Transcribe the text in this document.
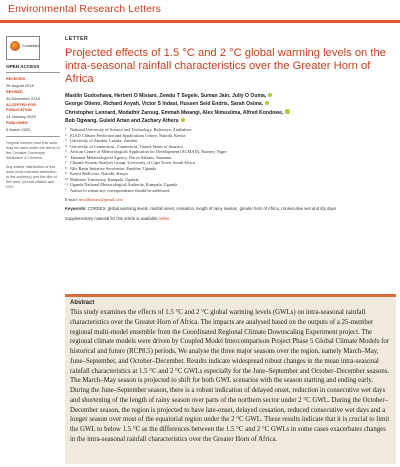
Environmental Research Letters
CrossMark
OPEN ACCESS
RECEIVED
26 August 2019
REVISED
30 December 2019
ACCEPTED FOR PUBLICATION
14 January 2020
PUBLISHED
5 March 2020
Original content from this work may be used under the terms of the Creative Commons Attribution 4.0 licence.
Any further distribution of this work must maintain attribution to the author(s) and the title of the work, journal citation and DOI.
LETTER
Projected effects of 1.5 °C and 2 °C global warming levels on the intra-seasonal rainfall characteristics over the Greater Horn of Africa
Masilin Gudoshava, Herbert O Misiani, Zewdu T Segele, Suman Jain, Jully O Ouma,
George Otieno, Richard Anyah, Victor S Indasi, Hussen Seid Endris, Sarah Osima,
Christopher Lennard, Modathir Zaroug, Emmah Mwangi, Alex Nimusiima, Alfred Kondowe,
Bob Ogwang, Guleid Artan and Zachary Atheru
1 National University of Science and Technology, Bulawayo, Zimbabwe
2 IGAD Climate Prediction and Applications Centre, Nairobi, Kenya
3 University of Zambia, Lusaka, Zambia
4 University of Connecticut, Connecticut, United States of America
5 African Centre of Meteorological Application for Development (ACMAD), Niamey, Niger
6 Tanzania Meteorological Agency, Dar es Salaam, Tanzania
7 Climate System Analysis Group, University of Cape Town, South Africa
8 Nile Basin Initiative Secretariat, Entebbe, Uganda
9 Kenya RedCross, Nairobi, Kenya
10 Makerere University, Kampala, Uganda
11 Uganda National Meteorological Authority, Kampala, Uganda
* Author to whom any correspondence should be addressed.
E-mail: mwillmastra@gmail.com
Keywords: CORDEX, global warming levels, rainfall onset, cessation, length of rainy season, greater horn of Africa, consecutive wet and dry days
Supplementary material for this article is available online
Abstract
This study examines the effects of 1.5 °C and 2 °C global warming levels (GWLs) on intra-seasonal rainfall characteristics over the Greater Horn of Africa. The impacts are analysed based on the outputs of a 25-member regional multi-model ensemble from the Coordinated Regional Climate Downscaling Experiment project. The regional climate models were driven by Coupled Model Intercomparison Project Phase 5 Global Climate Models for historical and future (RCP8.5) periods. We analyse the three major seasons over the region, namely March–May, June–September, and October–December. Results indicate widespread robust changes in the mean intra-seasonal rainfall characteristics at 1.5 °C and 2 °C GWLs especially for the June–September and October–December seasons. The March–May season is projected to shift for both GWL scenarios with the season starting and ending early. During the June–September season, there is a robust indication of delayed onset, reduction in consecutive wet days and shortening of the length of rainy season over parts of the northern sector under 2 °C GWL. During the October–December season, the region is projected to have late-onset, delayed cessation, reduced consecutive wet days and a longer season over most of the equatorial region under the 2 °C GWL. These results indicate that it is crucial to limit the GWL to below 1.5 °C as the differences between the 1.5 °C and 2 °C GWLs in some cases exacerbates changes in the intra-seasonal rainfall characteristics over the Greater Horn of Africa.
